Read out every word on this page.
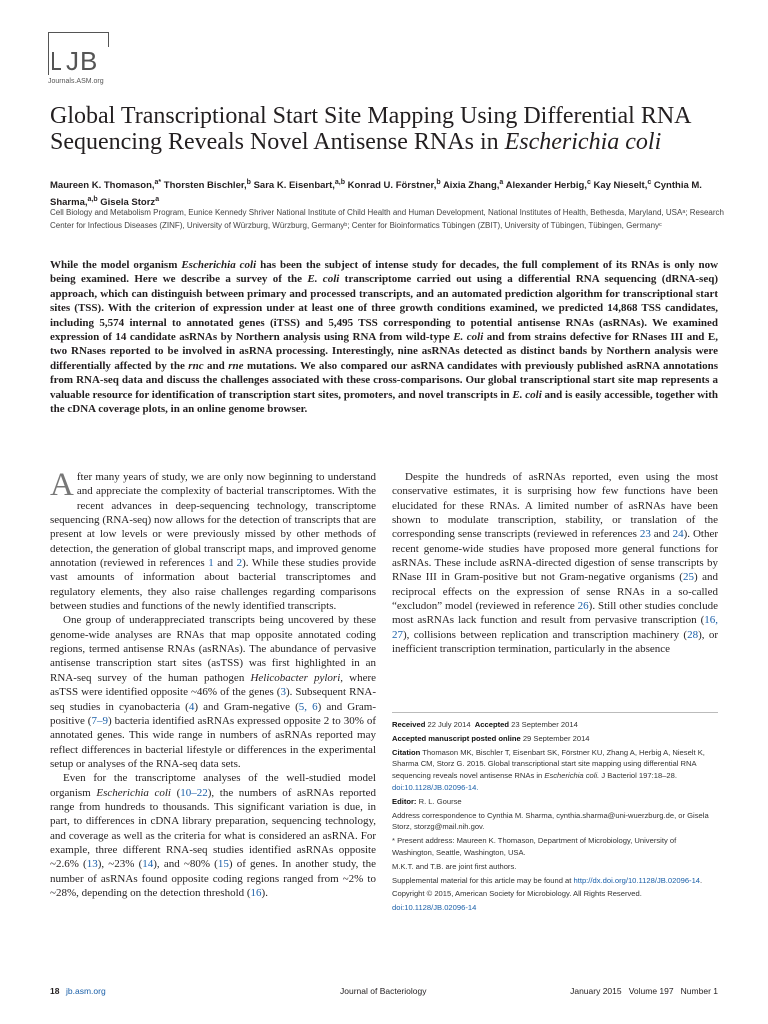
JB
Journals.ASM.org
Global Transcriptional Start Site Mapping Using Differential RNA Sequencing Reveals Novel Antisense RNAs in Escherichia coli
Maureen K. Thomason,$^{a*}$ Thorsten Bischler,$^b$ Sara K. Eisenbart,$^{a,b}$ Konrad U. Förstner,$^b$ Aixia Zhang,$^a$ Alexander Herbig,$^c$ Kay Nieselt,$^c$ Cynthia M. Sharma,$^{a,b}$ Gisela Storz$^a$
Cell Biology and Metabolism Program, Eunice Kennedy Shriver National Institute of Child Health and Human Development, National Institutes of Health, Bethesda, Maryland, USAᵃ; Research Center for Infectious Diseases (ZINF), University of Würzburg, Würzburg, Germanyᵇ; Center for Bioinformatics Tübingen (ZBIT), University of Tübingen, Tübingen, Germanyᶜ
While the model organism Escherichia coli has been the subject of intense study for decades, the full complement of its RNAs is only now being examined. Here we describe a survey of the E. coli transcriptome carried out using a differential RNA sequencing (dRNA-seq) approach, which can distinguish between primary and processed transcripts, and an automated prediction algorithm for transcriptional start sites (TSS). With the criterion of expression under at least one of three growth conditions examined, we predicted 14,868 TSS candidates, including 5,574 internal to annotated genes (iTSS) and 5,495 TSS corresponding to potential antisense RNAs (asRNAs). We examined expression of 14 candidate asRNAs by Northern analysis using RNA from wild-type E. coli and from strains defective for RNases III and E, two RNases reported to be involved in asRNA processing. Interestingly, nine asRNAs detected as distinct bands by Northern analysis were differentially affected by the rnc and rne mutations. We also compared our asRNA candidates with previously published asRNA annotations from RNA-seq data and discuss the challenges associated with these cross-comparisons. Our global transcriptional start site map represents a valuable resource for identification of transcription start sites, promoters, and novel transcripts in E. coli and is easily accessible, together with the cDNA coverage plots, in an online genome browser.

After many years of study, we are only now beginning to understand and appreciate the complexity of bacterial transcriptomes. With the recent advances in deep-sequencing technology, transcriptome sequencing (RNA-seq) now allows for the detection of transcripts that are present at low levels or were previously missed by other methods of detection, the generation of global transcript maps, and improved genome annotation (reviewed in references 1 and 2). While these studies provide vast amounts of information about bacterial transcriptomes and regulatory elements, they also raise challenges regarding comparisons between studies and functions of the newly identified transcripts.

One group of underappreciated transcripts being uncovered by these genome-wide analyses are RNAs that map opposite annotated coding regions, termed antisense RNAs (asRNAs). The abundance of pervasive antisense transcription start sites (asTSS) was first highlighted in an RNA-seq survey of the human pathogen Helicobacter pylori, where asTSS were identified opposite ~46% of the genes (3). Subsequent RNA-seq studies in cyanobacteria (4) and Gram-negative (5, 6) and Gram-positive (7–9) bacteria identified asRNAs expressed opposite 2 to 30% of annotated genes. This wide range in numbers of asRNAs reported may reflect differences in bacterial lifestyle or differences in the experimental setup or analyses of the RNA-seq data sets.

Even for the transcriptome analyses of the well-studied model organism Escherichia coli (10–22), the numbers of asRNAs reported range from hundreds to thousands. This significant variation is due, in part, to differences in cDNA library preparation, sequencing technology, and coverage as well as the criteria for what is considered an asRNA. For example, three different RNA-seq studies identified asRNAs opposite ~2.6% (13), ~23% (14), and ~80% (15) of genes. In another study, the number of asRNAs found opposite coding regions ranged from ~2% to ~28%, depending on the detection threshold (16).

Despite the hundreds of asRNAs reported, even using the most conservative estimates, it is surprising how few functions have been elucidated for these RNAs. A limited number of asRNAs have been shown to modulate transcription, stability, or translation of the corresponding sense transcripts (reviewed in references 23 and 24). Other recent genome-wide studies have proposed more general functions for asRNAs. These include asRNA-directed digestion of sense transcripts by RNase III in Gram-positive but not Gram-negative organisms (25) and reciprocal effects on the expression of sense RNAs in a so-called “excludon” model (reviewed in reference 26). Still other studies conclude most asRNAs lack function and result from pervasive transcription (16, 27), collisions between replication and transcription machinery (28), or inefficient transcription termination, particularly in the absence

Received 22 July 2014 Accepted 23 September 2014
Accepted manuscript posted online 29 September 2014
Citation Thomason MK, Bischler T, Eisenbart SK, Förstner KU, Zhang A, Herbig A, Nieselt K, Sharma CM, Storz G. 2015. Global transcriptional start site mapping using differential RNA sequencing reveals novel antisense RNAs in Escherichia coli. J Bacteriol 197:18–28. doi:10.1128/JB.02096-14.
Editor: R. L. Gourse
Address correspondence to Cynthia M. Sharma, cynthia.sharma@uni-wuerzburg.de, or Gisela Storz, storzg@mail.nih.gov.
* Present address: Maureen K. Thomason, Department of Microbiology, University of Washington, Seattle, Washington, USA.
M.K.T. and T.B. are joint first authors.
Supplemental material for this article may be found at http://dx.doi.org/10.1128/JB.02096-14.
Copyright © 2015, American Society for Microbiology. All Rights Reserved.
doi:10.1128/JB.02096-14
18 jb.asm.org	Journal of Bacteriology	January 2015   Volume 197   Number 1
